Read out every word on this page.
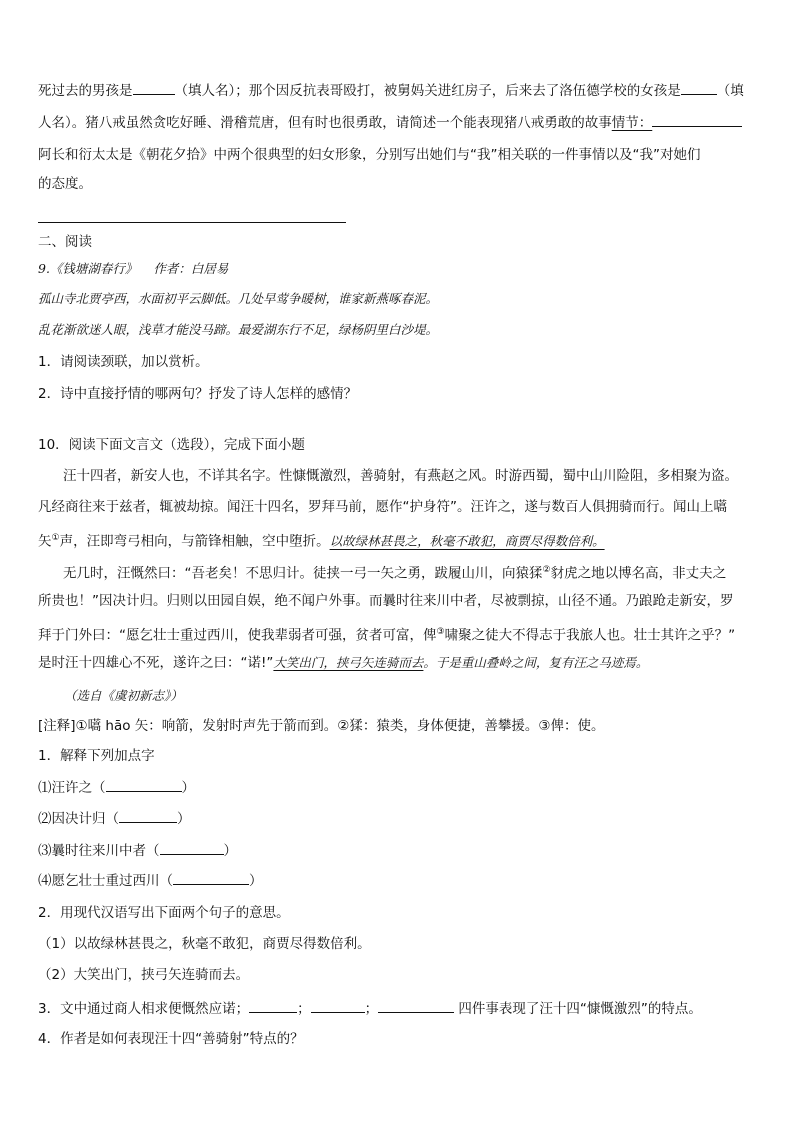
死过去的男孩是	（填人名）；那个因反抗表哥殴打，被舅妈关进红房子，后来去了洛伍德学校的女孩是	（填
人名）。猪八戒虽然贪吃好睡、滑稽荒唐，但有时也很勇敢，请简述一个能表现猪八戒勇敢的故事情节：
阿长和衍太太是《朝花夕拾》中两个很典型的妇女形象，分别写出她们与“我”相关联的一件事情以及“我”对她们
的态度。
二、阅读
9.《钱塘湖春行》 作者：白居易
孤山寺北贾亭西，水面初平云脚低。几处早莺争暖树，谁家新燕啄春泥。
乱花渐欲迷人眼，浅草才能没马蹄。最爱湖东行不足，绿杨阴里白沙堤。
1．请阅读颈联，加以赏析。
2．诗中直接抒情的哪两句？抒发了诗人怎样的感情？
10．阅读下面文言文（选段），完成下面小题
汪十四者，新安人也，不详其名字。性慷慨激烈，善骑射，有燕赵之风。时游西蜀，蜀中山川险阻，多相聚为盗。
凡经商往来于兹者，辄被劫掠。闻汪十四名，罗拜马前，愿作“护身符”。汪许之，遂与数百人俱拥骑而行。闻山上嚆
矢①声，汪即弯弓相向，与箭锋相触，空中堕折。以故绿林甚畏之，秋毫不敢犯，商贾尽得数倍利。
无几时，汪慨然曰：“吾老矣！不思归计。徒挟一弓一矢之勇，跋履山川，向猿猱②豺虎之地以博名高，非丈夫之
所贵也！”因决计归。归则以田园自娱，绝不闻户外事。而曩时往来川中者，尽被剽掠，山径不通。乃踉跄走新安，罗
拜于门外曰：“愿乞壮士重过西川，使我辈弱者可强，贫者可富，俾③啸聚之徒大不得志于我旅人也。壮士其许之乎？”
是时汪十四雄心不死，遂许之曰：“诺!”大笑出门，挟弓矢连骑而去。于是重山叠岭之间，复有汪之马迹焉。
（选自《虞初新志》）
[注释]①嚆 hāo 矢：响箭，发射时声先于箭而到。②猱：猿类，身体便捷，善攀援。③俾：使。
1．解释下列加点字
⑴汪许之（	）
⑵因决计归（	）
⑶曩时往来川中者（	）
⑷愿乞壮士重过西川（	）
2．用现代汉语写出下面两个句子的意思。
（1）以故绿林甚畏之，秋毫不敢犯，商贾尽得数倍利。
（2）大笑出门，挟弓矢连骑而去。
3．文中通过商人相求便慨然应诺；	；	；	四件事表现了汪十四“慷慨激烈”的特点。
4．作者是如何表现汪十四“善骑射”特点的？
